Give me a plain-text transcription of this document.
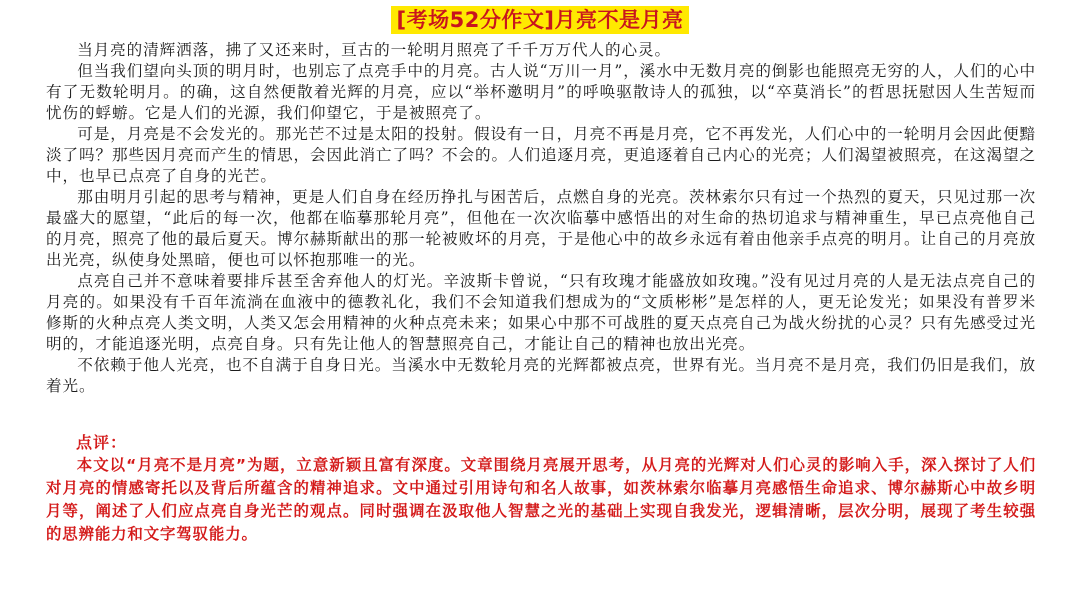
[考场52分作文]月亮不是月亮

当月亮的清辉洒落，拂了又还来时，亘古的一轮明月照亮了千千万万代人的心灵。

但当我们望向头顶的明月时，也别忘了点亮手中的月亮。古人说“万川一月”，溪水中无数月亮的倒影也能照亮无穷的人，人们的心中有了无数轮明月。的确，这自然便散着光辉的月亮，应以“举杯邀明月”的呼唤驱散诗人的孤独，以“卒莫消长”的哲思抚慰因人生苦短而忧伤的蜉蝣。它是人们的光源，我们仰望它，于是被照亮了。

可是，月亮是不会发光的。那光芒不过是太阳的投射。假设有一日，月亮不再是月亮，它不再发光，人们心中的一轮明月会因此便黯淡了吗？那些因月亮而产生的情思，会因此消亡了吗？不会的。人们追逐月亮，更追逐着自己内心的光亮；人们渴望被照亮，在这渴望之中，也早已点亮了自身的光芒。

那由明月引起的思考与精神，更是人们自身在经历挣扎与困苦后，点燃自身的光亮。茨林索尔只有过一个热烈的夏天，只见过那一次最盛大的愿望，“此后的每一次，他都在临摹那轮月亮”，但他在一次次临摹中感悟出的对生命的热切追求与精神重生，早已点亮他自己的月亮，照亮了他的最后夏天。博尔赫斯献出的那一轮被败坏的月亮，于是他心中的故乡永远有着由他亲手点亮的明月。让自己的月亮放出光亮，纵使身处黑暗，便也可以怀抱那唯一的光。

点亮自己并不意味着要排斥甚至舍弃他人的灯光。辛波斯卡曾说，“只有玫瑰才能盛放如玫瑰。”没有见过月亮的人是无法点亮自己的月亮的。如果没有千百年流淌在血液中的德教礼化，我们不会知道我们想成为的“文质彬彬”是怎样的人，更无论发光；如果没有普罗米修斯的火种点亮人类文明，人类又怎会用精神的火种点亮未来；如果心中那不可战胜的夏天点亮自己为战火纷扰的心灵？只有先感受过光明的，才能追逐光明，点亮自身。只有先让他人的智慧照亮自己，才能让自己的精神也放出光亮。

不依赖于他人光亮，也不自满于自身日光。当溪水中无数轮月亮的光辉都被点亮，世界有光。当月亮不是月亮，我们仍旧是我们，放着光。

点评：

本文以“月亮不是月亮”为题，立意新颖且富有深度。文章围绕月亮展开思考，从月亮的光辉对人们心灵的影响入手，深入探讨了人们对月亮的情感寄托以及背后所蕴含的精神追求。文中通过引用诗句和名人故事，如茨林索尔临摹月亮感悟生命追求、博尔赫斯心中故乡明月等，阐述了人们应点亮自身光芒的观点。同时强调在汲取他人智慧之光的基础上实现自我发光，逻辑清晰，层次分明，展现了考生较强的思辨能力和文字驾驭能力。
